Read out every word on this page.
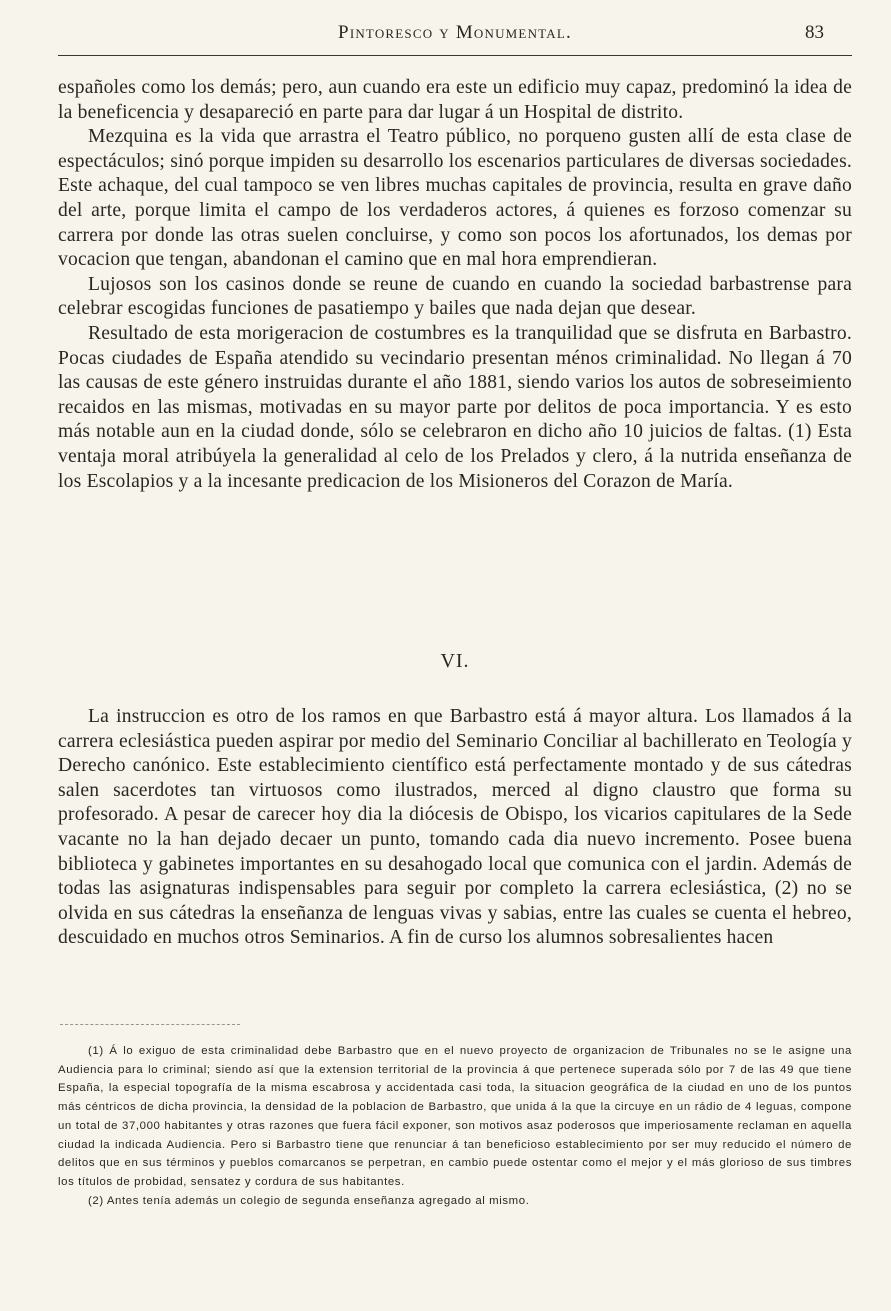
Pintoresco y Monumental.	83

españoles como los demás; pero, aun cuando era este un edificio muy capaz, predominó la idea de la beneficencia y desapareció en parte para dar lugar á un Hospital de distrito.

Mezquina es la vida que arrastra el Teatro público, no porqueno gusten allí de esta clase de espectáculos; sinó porque impiden su desarrollo los escenarios particulares de diversas sociedades. Este achaque, del cual tampoco se ven libres muchas capitales de provincia, resulta en grave daño del arte, porque limita el campo de los verdaderos actores, á quienes es forzoso comenzar su carrera por donde las otras suelen concluirse, y como son pocos los afortunados, los demas por vocacion que tengan, abandonan el camino que en mal hora emprendieran.

Lujosos son los casinos donde se reune de cuando en cuando la sociedad barbastrense para celebrar escogidas funciones de pasatiempo y bailes que nada dejan que desear.

Resultado de esta morigeracion de costumbres es la tranquilidad que se disfruta en Barbastro. Pocas ciudades de España atendido su vecindario presentan ménos criminalidad. No llegan á 70 las causas de este género instruidas durante el año 1881, siendo varios los autos de sobreseimiento recaidos en las mismas, motivadas en su mayor parte por delitos de poca importancia. Y es esto más notable aun en la ciudad donde, sólo se celebraron en dicho año 10 juicios de faltas. (1) Esta ventaja moral atribúyela la generalidad al celo de los Prelados y clero, á la nutrida enseñanza de los Escolapios y a la incesante predicacion de los Misioneros del Corazon de María.

VI.

La instruccion es otro de los ramos en que Barbastro está á mayor altura. Los llamados á la carrera eclesiástica pueden aspirar por medio del Seminario Conciliar al bachillerato en Teología y Derecho canónico. Este establecimiento científico está perfectamente montado y de sus cátedras salen sacerdotes tan virtuosos como ilustrados, merced al digno claustro que forma su profesorado. A pesar de carecer hoy dia la diócesis de Obispo, los vicarios capitulares de la Sede vacante no la han dejado decaer un punto, tomando cada dia nuevo incremento. Posee buena biblioteca y gabinetes importantes en su desahogado local que comunica con el jardin. Además de todas las asignaturas indispensables para seguir por completo la carrera eclesiástica, (2) no se olvida en sus cátedras la enseñanza de lenguas vivas y sabias, entre las cuales se cuenta el hebreo, descuidado en muchos otros Seminarios. A fin de curso los alumnos sobresalientes hacen

(1) Á lo exiguo de esta criminalidad debe Barbastro que en el nuevo proyecto de organizacion de Tribunales no se le asigne una Audiencia para lo criminal; siendo así que la extension territorial de la provincia á que pertenece superada sólo por 7 de las 49 que tiene España, la especial topografía de la misma escabrosa y accidentada casi toda, la situacion geográfica de la ciudad en uno de los puntos más céntricos de dicha provincia, la densidad de la poblacion de Barbastro, que unida á la que la circuye en un rádio de 4 leguas, compone un total de 37,000 habitantes y otras razones que fuera fácil exponer, son motivos asaz poderosos que imperiosamente reclaman en aquella ciudad la indicada Audiencia. Pero si Barbastro tiene que renunciar á tan beneficioso establecimiento por ser muy reducido el número de delitos que en sus términos y pueblos comarcanos se perpetran, en cambio puede ostentar como el mejor y el más glorioso de sus timbres los títulos de probidad, sensatez y cordura de sus habitantes.

(2) Antes tenía además un colegio de segunda enseñanza agregado al mismo.
